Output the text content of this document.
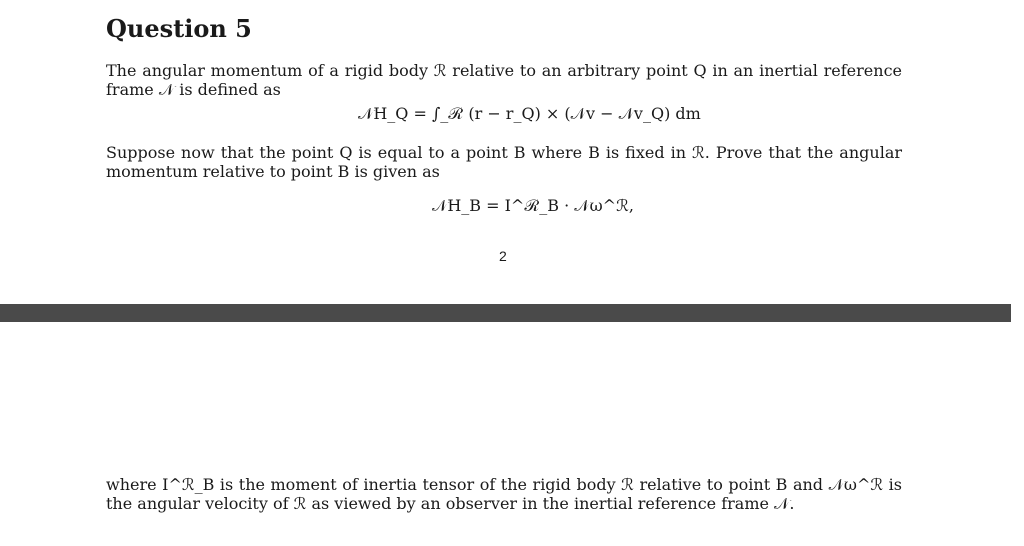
Question 5
The angular momentum of a rigid body ℛ relative to an arbitrary point Q in an inertial reference frame 𝒩 is defined as
𝒩H_Q = ∫_ℛ (r − r_Q) × (𝒩v − 𝒩v_Q) dm
Suppose now that the point Q is equal to a point B where B is fixed in ℛ. Prove that the angular momentum relative to point B is given as
𝒩H_B = I^ℛ_B · 𝒩ω^ℛ,
2
where I^ℛ_B is the moment of inertia tensor of the rigid body ℛ relative to point B and 𝒩ω^ℛ is the angular velocity of ℛ as viewed by an observer in the inertial reference frame 𝒩.
